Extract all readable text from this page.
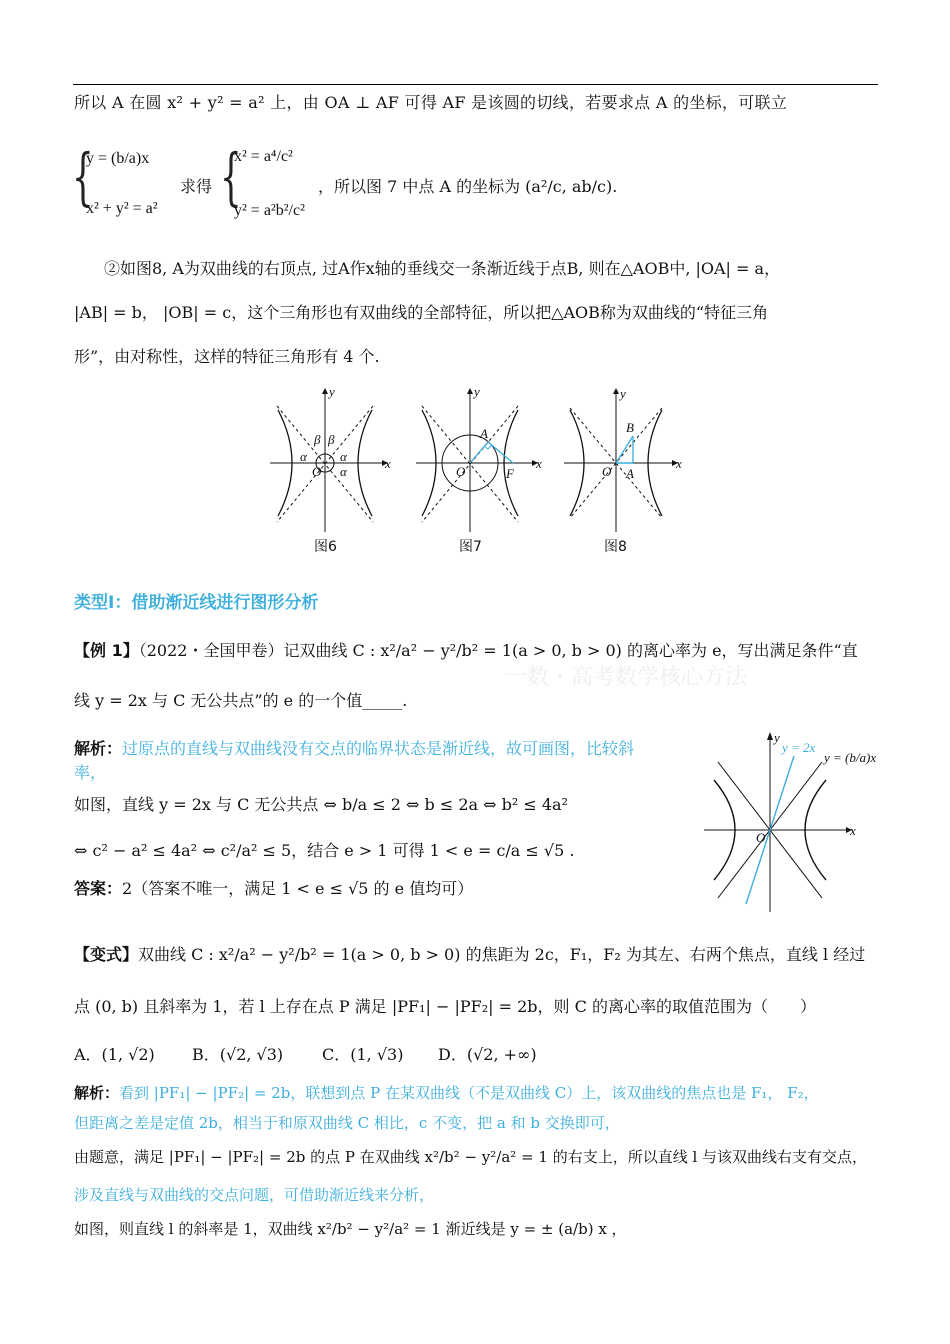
所以 A 在圆 x² + y² = a² 上，由 OA ⊥ AF 可得 AF 是该圆的切线，若要求点 A 的坐标，可联立
{
y = (b/a)x
x² + y² = a²
求得 {
x² = a⁴/c²
y² = a²b²/c²
，所以图 7 中点 A 的坐标为 (a²/c, ab/c).
②如图8, A为双曲线的右顶点, 过A作x轴的垂线交一条渐近线于点B, 则在△AOB中, |OA| = a，
|AB| = b， |OB| = c，这个三角形也有双曲线的全部特征，所以把△AOB称为双曲线的“特征三角
形”，由对称性，这样的特征三角形有 4 个.
x
y
O
α	α
α
β β
图6
x
y
O
A
F
图7
x
y
O
B
A
图8
类型Ⅰ：借助渐近线进行图形分析
一数・高考数学核心方法
【例 1】（2022・全国甲卷）记双曲线 C : x²/a² − y²/b² = 1(a > 0, b > 0) 的离心率为 e，写出满足条件“直
线 y = 2x 与 C 无公共点”的 e 的一个值_____.
解析：过原点的直线与双曲线没有交点的临界状态是渐近线，故可画图，比较斜
率，
如图，直线 y = 2x 与 C 无公共点 ⇔ b/a ≤ 2 ⇔ b ≤ 2a ⇔ b² ≤ 4a²
⇔ c² − a² ≤ 4a² ⇔ c²/a² ≤ 5，结合 e > 1 可得 1 < e = c/a ≤ √5 .
答案：2（答案不唯一，满足 1 < e ≤ √5 的 e 值均可）
x
y
O
y = 2x
y = (b/a)x
【变式】双曲线 C : x²/a² − y²/b² = 1(a > 0, b > 0) 的焦距为 2c，F₁，F₂ 为其左、右两个焦点，直线 l 经过
点 (0, b) 且斜率为 1，若 l 上存在点 P 满足 |PF₁| − |PF₂| = 2b，则 C 的离心率的取值范围为（　　）
A．(1, √2) B．(√2, √3) C．(1, √3) D．(√2, +∞)
解析：看到 |PF₁| − |PF₂| = 2b，联想到点 P 在某双曲线（不是双曲线 C）上，该双曲线的焦点也是 F₁， F₂，
但距离之差是定值 2b，相当于和原双曲线 C 相比，c 不变，把 a 和 b 交换即可，
由题意，满足 |PF₁| − |PF₂| = 2b 的点 P 在双曲线 x²/b² − y²/a² = 1 的右支上，所以直线 l 与该双曲线右支有交点，
涉及直线与双曲线的交点问题，可借助渐近线来分析，
如图，则直线 l 的斜率是 1，双曲线 x²/b² − y²/a² = 1 渐近线是 y = ± (a/b) x ，
